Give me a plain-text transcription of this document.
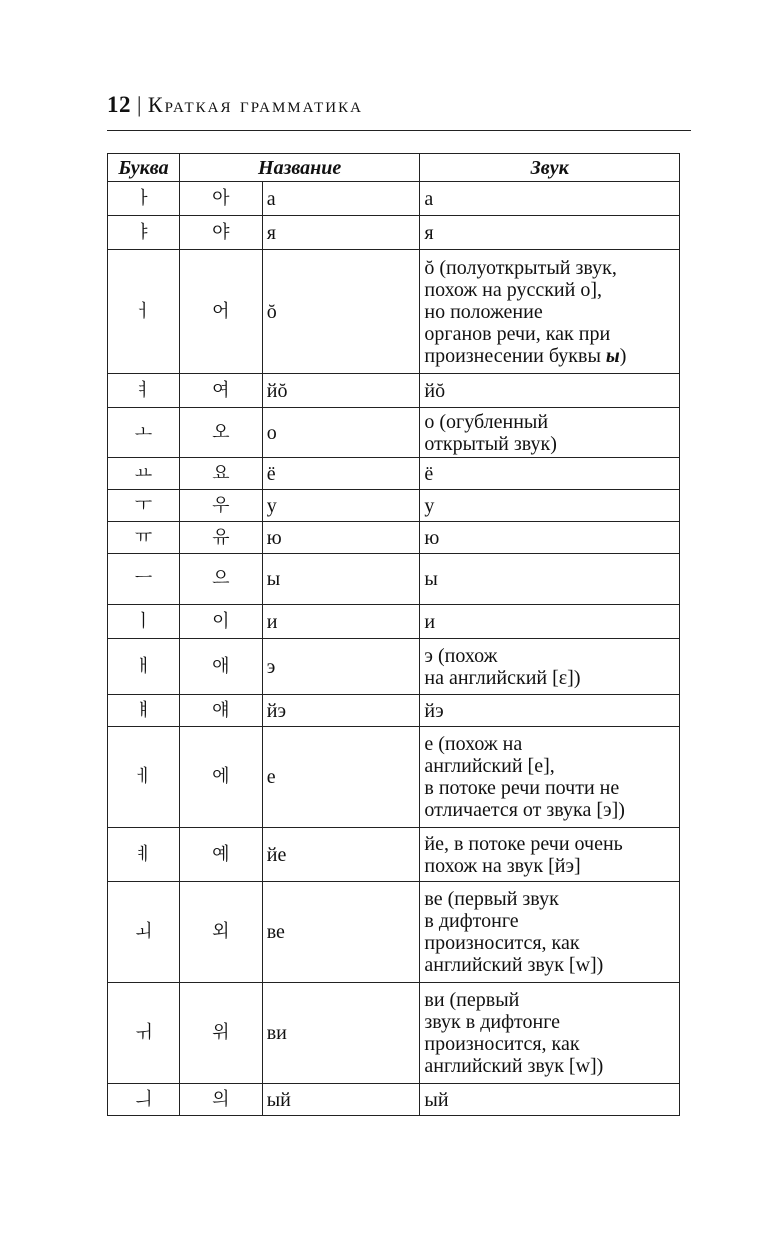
12 | Краткая грамматика
Буква	Название		Звук
ㅏ	아	а	а
ㅑ	야	я	я
ㅓ	어	ŏ	ŏ (полуоткрытый звук,
похож на русский о],
но положение
органов речи, как при
произнесении буквы ы)
ㅕ	여	йŏ	йŏ
ㅗ	오	о	о (огубленный
открытый звук)
ㅛ	요	ё	ё
ㅜ	우	у	у
ㅠ	유	ю	ю
ㅡ	으	ы	ы
ㅣ	이	и	и
ㅐ	애	э	э (похож
на английский [ɛ])
ㅒ	얘	йэ	йэ
ㅔ	에	е	е (похож на
английский [e],
в потоке речи почти не
отличается от звука [э])
ㅖ	예	йе	йе, в потоке речи очень
похож на звук [йэ]
ㅚ	외	ве	ве (первый звук
в дифтонге
произносится, как
английский звук [w])
ㅟ	위	ви	ви (первый
звук в дифтонге
произносится, как
английский звук [w])
ㅢ	의	ый	ый
